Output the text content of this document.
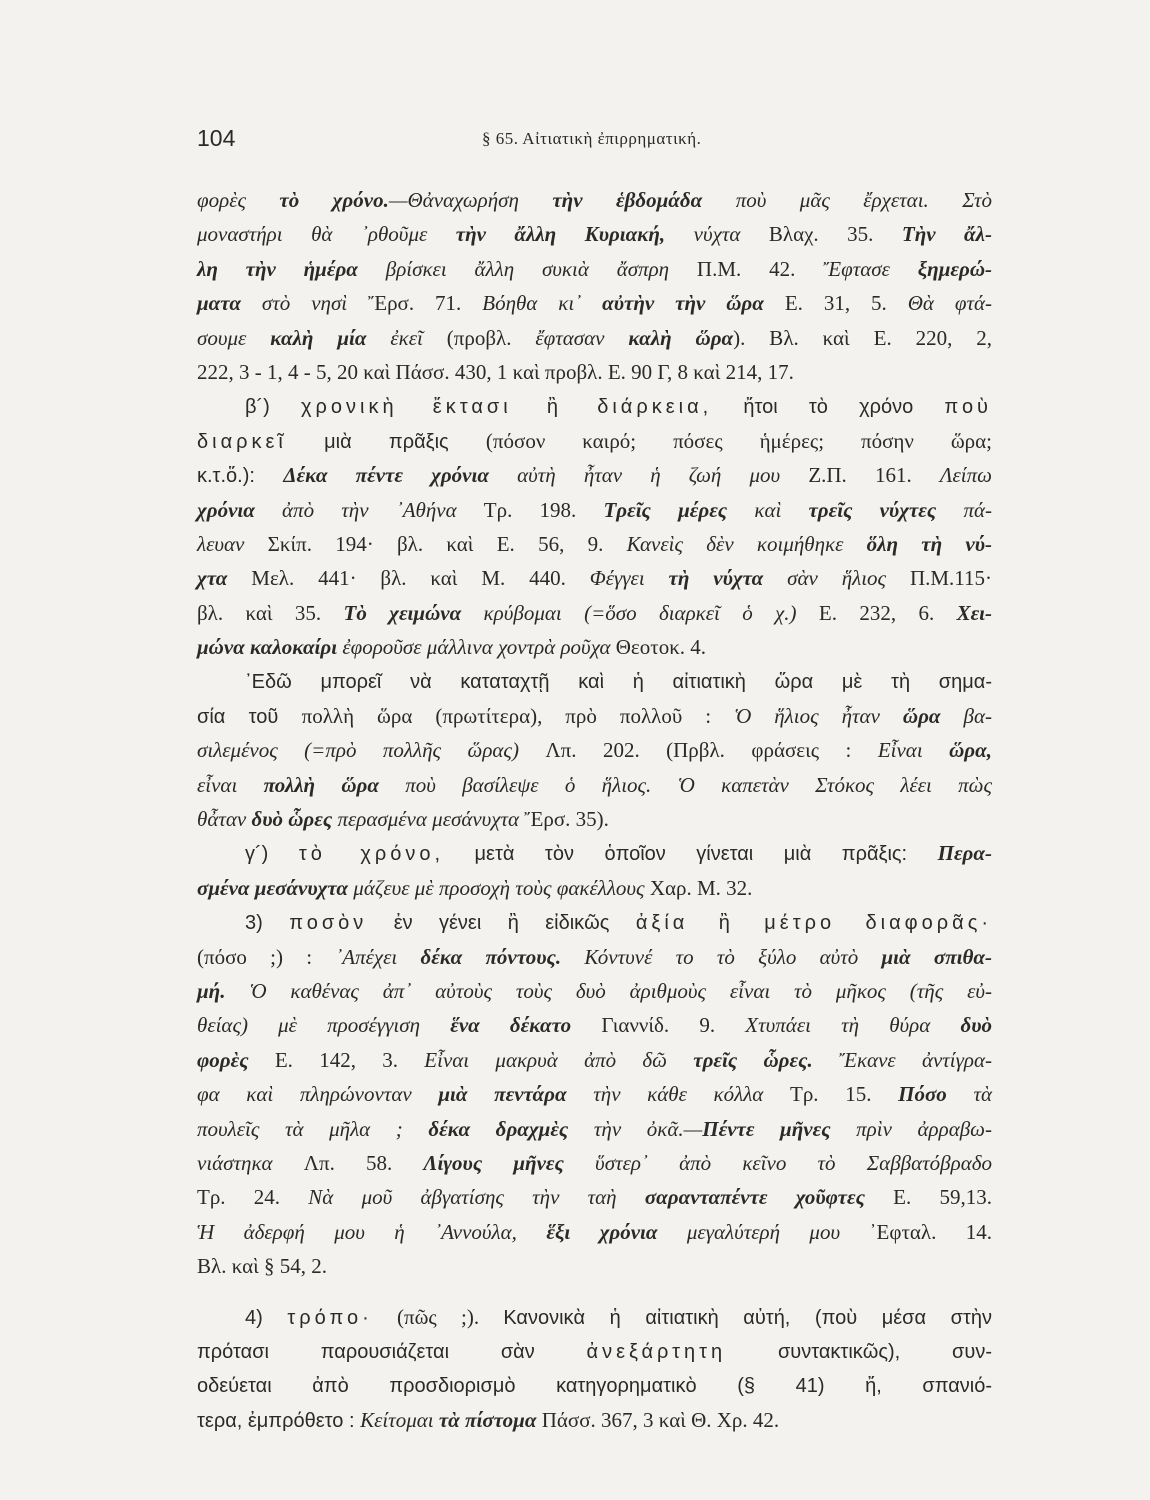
104	§ 65. Αἰτιατικὴ ἐπιρρηματική.
φορὲς τὸ χρόνο.—Θἀναχωρήση τὴν ἑβδομάδα ποὺ μᾶς ἔρχεται. Στὸ
μοναστήρι θὰ ᾽ρθοῦμε τὴν ἄλλη Κυριακή, νύχτα Βλαχ. 35. Τὴν ἄλ-
λη τὴν ἡμέρα βρίσκει ἄλλη συκιὰ ἄσπρη Π.Μ. 42. Ἔφτασε ξημερώ-
ματα στὸ νησὶ Ἔρσ. 71. Βόηθα κι᾽ αὐτὴν τὴν ὥρα Ε. 31, 5. Θὰ φτά-
σουμε καλὴ μία ἐκεῖ (προβλ. ἔφτασαν καλὴ ὥρα). Βλ. καὶ Ε. 220, 2,
222, 3 - 1, 4 - 5, 20 καὶ Πάσσ. 430, 1 καὶ προβλ. Ε. 90 Γ, 8 καὶ 214, 17.
β´) χρονικὴ ἔκτασι ἢ διάρκεια, ἤτοι τὸ χρόνο ποὺ
διαρκεῖ μιὰ πρᾶξις (πόσον καιρό; πόσες ἡμέρες; πόσην ὥρα;
κ.τ.ὅ.): Δέκα πέντε χρόνια αὐτὴ ἦταν ἡ ζωή μου Ζ.Π. 161. Λείπω
χρόνια ἀπὸ τὴν ᾽Αθήνα Τρ. 198. Τρεῖς μέρες καὶ τρεῖς νύχτες πά-
λευαν Σκίπ. 194· βλ. καὶ Ε. 56, 9. Κανεὶς δὲν κοιμήθηκε ὅλη τὴ νύ-
χτα Μελ. 441· βλ. καὶ Μ. 440. Φέγγει τὴ νύχτα σὰν ἥλιος Π.Μ.115·
βλ. καὶ 35. Τὸ χειμώνα κρύβομαι (=ὅσο διαρκεῖ ὁ χ.) Ε. 232, 6. Χει-
μώνα καλοκαίρι ἐφοροῦσε μάλλινα χοντρὰ ροῦχα Θεοτοκ. 4.
᾽Εδῶ μπορεῖ νὰ καταταχτῇ καὶ ἡ αἰτιατικὴ ὥρα μὲ τὴ σημα-
σία τοῦ πολλὴ ὥρα (πρωτίτερα), πρὸ πολλοῦ : Ὁ ἥλιος ἦταν ὥρα βα-
σιλεμένος (=πρὸ πολλῆς ὥρας) Λπ. 202. (Πρβλ. φράσεις : Εἶναι ὥρα,
εἶναι πολλὴ ὥρα ποὺ βασίλεψε ὁ ἥλιος. Ὁ καπετὰν Στόκος λέει πὼς
θἆταν δυὸ ὧρες περασμένα μεσάνυχτα Ἔρσ. 35).
γ´) τὸ χρόνο, μετὰ τὸν ὁποῖον γίνεται μιὰ πρᾶξις: Περα-
σμένα μεσάνυχτα μάζευε μὲ προσοχὴ τοὺς φακέλλους Χαρ. Μ. 32.
3) ποσὸν ἐν γένει ἢ εἰδικῶς ἀξία ἢ μέτρο διαφορᾶς·
(πόσο ;) : ᾽Απέχει δέκα πόντους. Κόντυνέ το τὸ ξύλο αὐτὸ μιὰ σπιθα-
μή. Ὁ καθένας ἀπ᾽ αὐτοὺς τοὺς δυὸ ἀριθμοὺς εἶναι τὸ μῆκος (τῆς εὐ-
θείας) μὲ προσέγγιση ἕνα δέκατο Γιαννίδ. 9. Χτυπάει τὴ θύρα δυὸ
φορὲς Ε. 142, 3. Εἶναι μακρυὰ ἀπὸ δῶ τρεῖς ὧρες. Ἔκανε ἀντίγρα-
φα καὶ πληρώνονταν μιὰ πεντάρα τὴν κάθε κόλλα Τρ. 15. Πόσο τὰ
πουλεῖς τὰ μῆλα ; δέκα δραχμὲς τὴν ὀκᾶ.—Πέντε μῆνες πρὶν ἀρραβω-
νιάστηκα Λπ. 58. Λίγους μῆνες ὕστερ᾽ ἀπὸ κεῖνο τὸ Σαββατόβραδο
Τρ. 24. Νὰ μοῦ ἀβγατίσης τὴν ταὴ σαρανταπέντε χοῦφτες Ε. 59,13.
Ἡ ἀδερφή μου ἡ ᾽Αννούλα, ἕξι χρόνια μεγαλύτερή μου ᾽Εφταλ. 14.
Βλ. καὶ § 54, 2.
4) τρόπο· (πῶς ;). Κανονικὰ ἡ αἰτιατικὴ αὐτή, (ποὺ μέσα στὴν
πρότασι παρουσιάζεται σὰν ἀνεξάρτητη συντακτικῶς), συν-
οδεύεται ἀπὸ προσδιορισμὸ κατηγορηματικὸ (§ 41) ἤ, σπανιό-
τερα, ἐμπρόθετο : Κείτομαι τὰ πίστομα Πάσσ. 367, 3 καὶ Θ. Χρ. 42.
